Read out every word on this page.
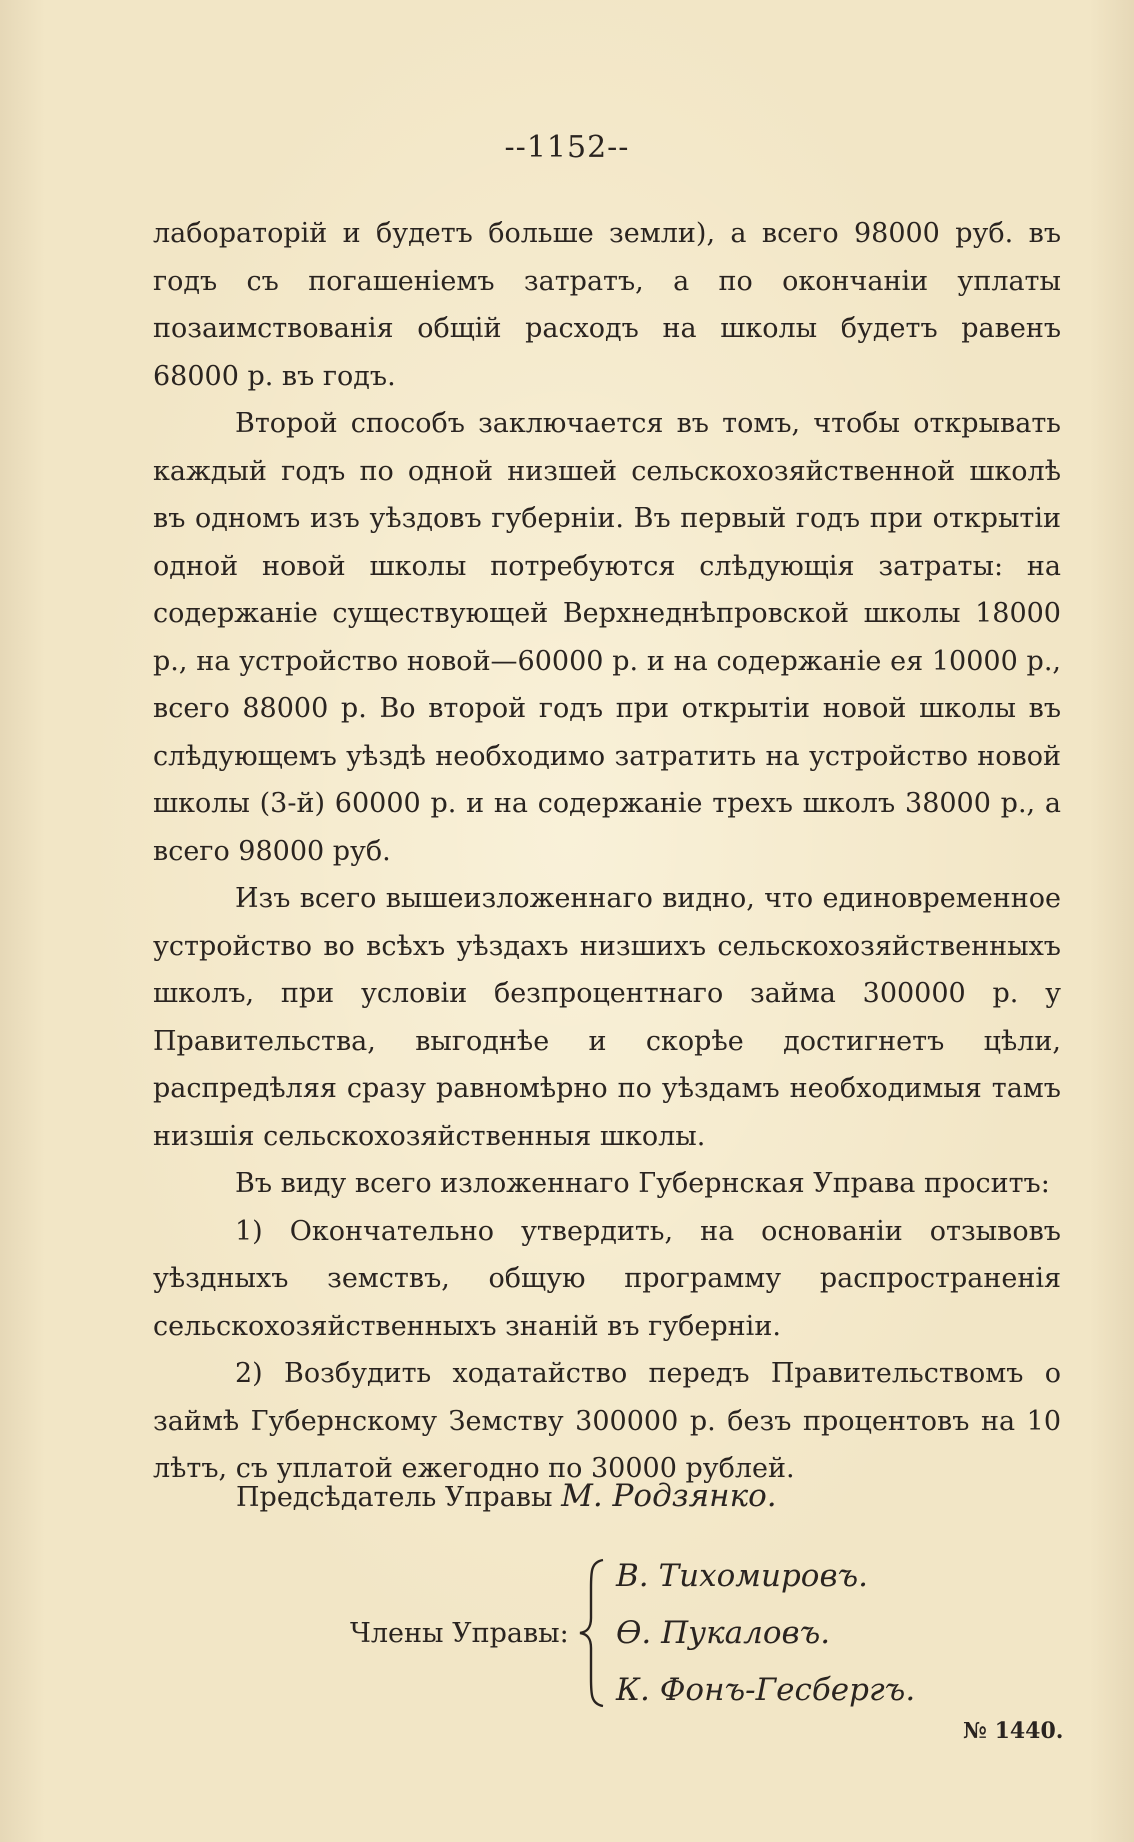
--1152--

лабораторій и будетъ больше земли), а всего 98000 руб. въ годъ съ погашеніемъ затратъ, а по окончаніи уплаты позаимствованія общій расходъ на школы будетъ равенъ 68000 р. въ годъ.

Второй способъ заключается въ томъ, чтобы открывать каждый годъ по одной низшей сельскохозяйственной школѣ въ одномъ изъ уѣздовъ губерніи. Въ первый годъ при открытіи одной новой школы потребуются слѣдующія затраты: на содержаніе существующей Верхнеднѣпровской школы 18000 р., на устройство новой—60000 р. и на содержаніе ея 10000 р., всего 88000 р. Во второй годъ при открытіи новой школы въ слѣдующемъ уѣздѣ необходимо затратить на устройство новой школы (3-й) 60000 р. и на содержаніе трехъ школъ 38000 р., а всего 98000 руб.

Изъ всего вышеизложеннаго видно, что единовременное устройство во всѣхъ уѣздахъ низшихъ сельскохозяйственныхъ школъ, при условіи безпроцентнаго займа 300000 р. у Правительства, выгоднѣе и скорѣе достигнетъ цѣли, распредѣляя сразу равномѣрно по уѣздамъ необходимыя тамъ низшія сельскохозяйственныя школы.

Въ виду всего изложеннаго Губернская Управа проситъ:

1) Окончательно утвердить, на основаніи отзывовъ уѣздныхъ земствъ, общую программу распространенія сельскохозяйственныхъ знаній въ губерніи.

2) Возбудить ходатайство передъ Правительствомъ о займѣ Губернскому Земству 300000 р. безъ процентовъ на 10 лѣтъ, съ уплатой ежегодно по 30000 рублей.

Предсѣдатель Управы М. Родзянко.
Члены Управы:
В. Тихомировъ.
Ѳ. Пукаловъ.
К. Фонъ-Гесбергъ.
№ 1440.
